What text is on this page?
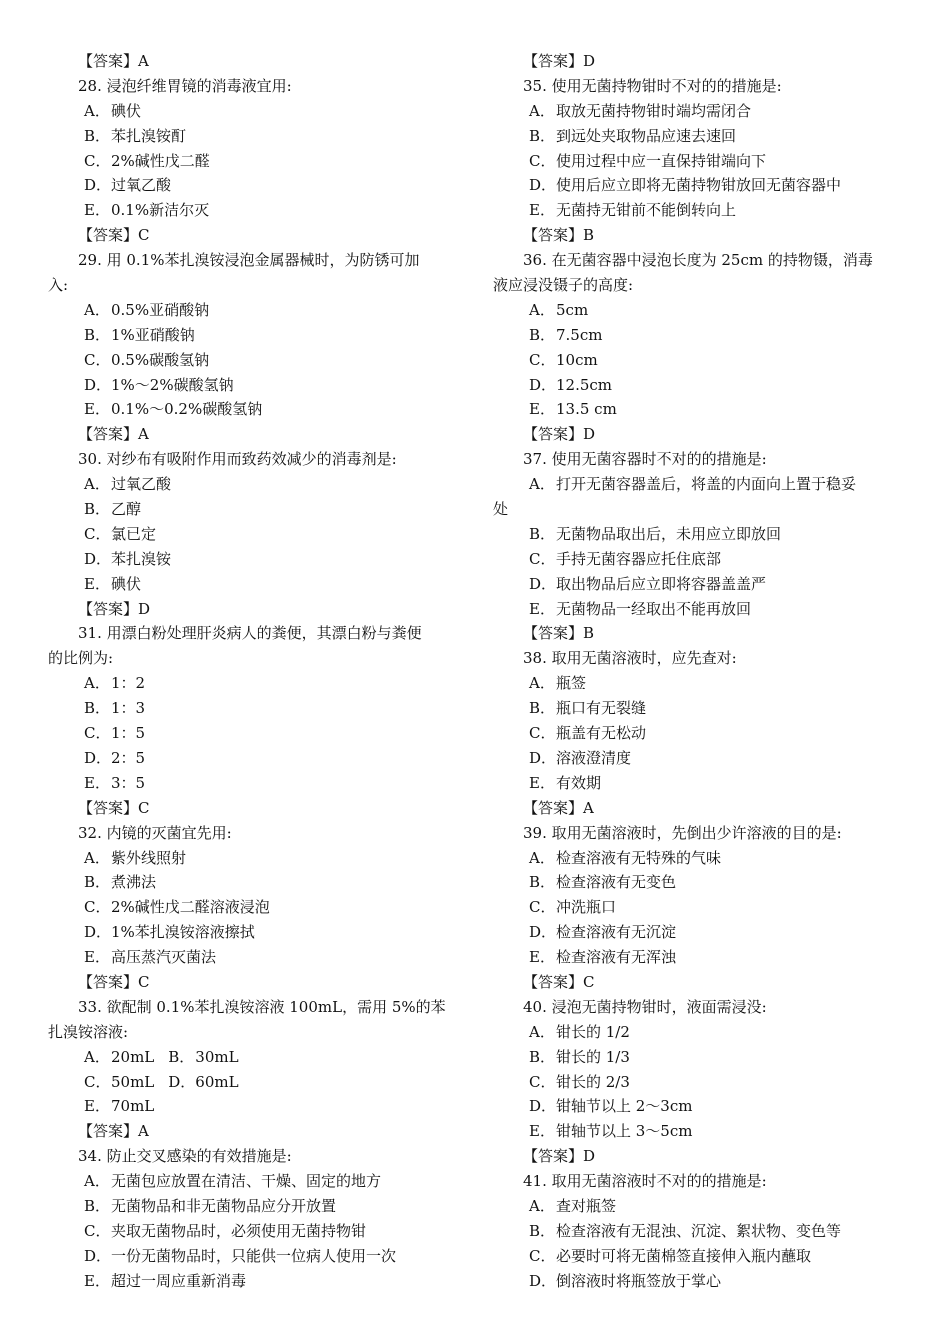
【答案】A
28. 浸泡纤维胃镜的消毒液宜用:
A．碘伏
B．苯扎溴铵酊
C．2%碱性戊二醛
D．过氧乙酸
E．0.1%新洁尔灭
【答案】C
29. 用 0.1%苯扎溴铵浸泡金属器械时，为防锈可加
入:
A．0.5%亚硝酸钠
B．1%亚硝酸钠
C．0.5%碳酸氢钠
D．1%～2%碳酸氢钠
E．0.1%～0.2%碳酸氢钠
【答案】A
30. 对纱布有吸附作用而致药效减少的消毒剂是:
A．过氧乙酸
B．乙醇
C．氯已定
D．苯扎溴铵
E．碘伏
【答案】D
31. 用漂白粉处理肝炎病人的粪便，其漂白粉与粪便
的比例为:
A．1：2
B．1：3
C．1：5
D．2：5
E．3：5
【答案】C
32. 内镜的灭菌宜先用:
A．紫外线照射
B．煮沸法
C．2%碱性戊二醛溶液浸泡
D．1%苯扎溴铵溶液擦拭
E．高压蒸汽灭菌法
【答案】C
33. 欲配制 0.1%苯扎溴铵溶液 100mL，需用 5%的苯
扎溴铵溶液:
A．20mL B．30mL
C．50mL D．60mL
E．70mL
【答案】A
34. 防止交叉感染的有效措施是:
A．无菌包应放置在清洁、干燥、固定的地方
B．无菌物品和非无菌物品应分开放置
C．夹取无菌物品时，必须使用无菌持物钳
D．一份无菌物品时，只能供一位病人使用一次
E．超过一周应重新消毒
【答案】D
35. 使用无菌持物钳时不对的的措施是:
A．取放无菌持物钳时端均需闭合
B．到远处夹取物品应速去速回
C．使用过程中应一直保持钳端向下
D．使用后应立即将无菌持物钳放回无菌容器中
E．无菌持无钳前不能倒转向上
【答案】B
36. 在无菌容器中浸泡长度为 25cm 的持物镊，消毒
液应浸没镊子的高度:
A．5cm
B．7.5cm
C．10cm
D．12.5cm
E．13.5 cm
【答案】D
37. 使用无菌容器时不对的的措施是:
A．打开无菌容器盖后，将盖的内面向上置于稳妥
处
B．无菌物品取出后，未用应立即放回
C．手持无菌容器应托住底部
D．取出物品后应立即将容器盖盖严
E．无菌物品一经取出不能再放回
【答案】B
38. 取用无菌溶液时，应先查对:
A．瓶签
B．瓶口有无裂缝
C．瓶盖有无松动
D．溶液澄清度
E．有效期
【答案】A
39. 取用无菌溶液时，先倒出少许溶液的目的是:
A．检查溶液有无特殊的气味
B．检查溶液有无变色
C．冲洗瓶口
D．检查溶液有无沉淀
E．检查溶液有无浑浊
【答案】C
40. 浸泡无菌持物钳时，液面需浸没:
A．钳长的 1/2
B．钳长的 1/3
C．钳长的 2/3
D．钳轴节以上 2～3cm
E．钳轴节以上 3～5cm
【答案】D
41. 取用无菌溶液时不对的的措施是:
A．查对瓶签
B．检查溶液有无混浊、沉淀、絮状物、变色等
C．必要时可将无菌棉签直接伸入瓶内蘸取
D．倒溶液时将瓶签放于掌心
